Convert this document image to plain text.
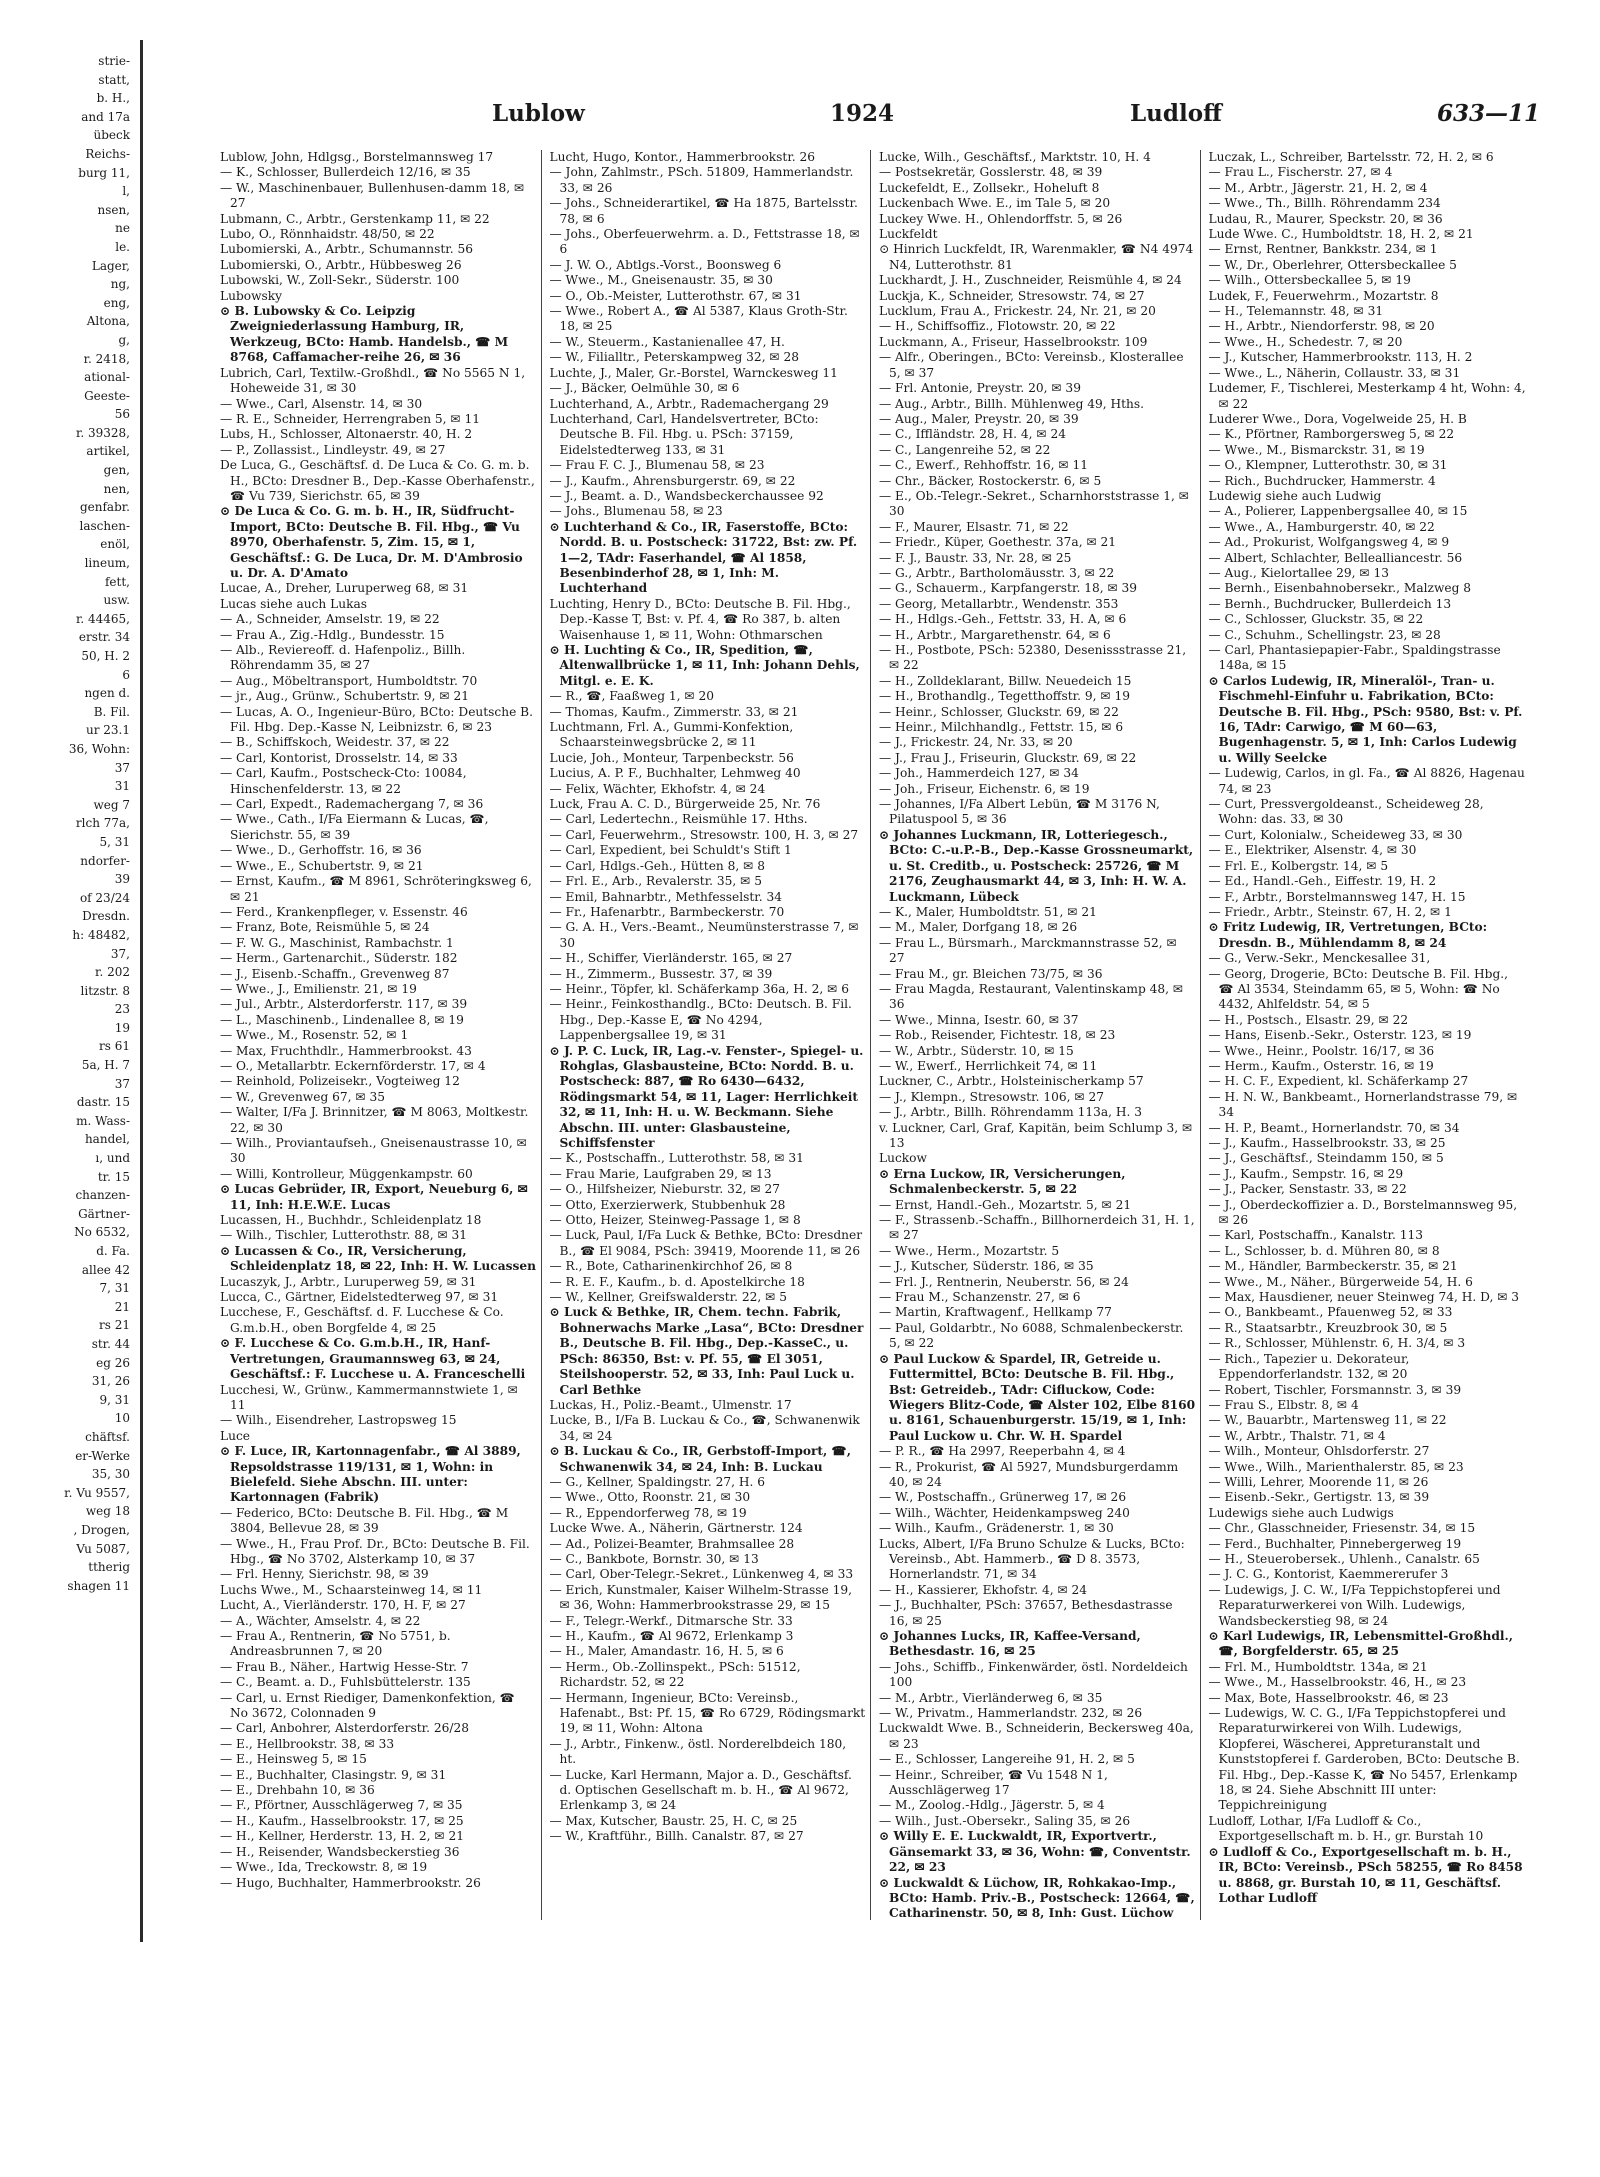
strie-
statt,
b. H.,
and 17a
übeck
Reichs-
burg 11,
l,
nsen,
ne
le.
Lager,
ng,
eng,
Altona,
g,
r. 2418,
ational-
Geeste-
56
r. 39328,
artikel,
gen,
nen,
genfabr.
laschen-
enöl,
lineum,
fett,
usw.
r. 44465,
erstr. 34
50, H. 2
6
ngen d.
B. Fil.
ur 23.1
36, Wohn:
37
31
weg 7
rlch 77a,
5, 31
ndorfer-
39
of 23/24
Dresdn.
h: 48482,
37,
r. 202
litzstr. 8
23
19
rs 61
5a, H. 7
37
dastr. 15
m. Wass-
handel,
ı, und
tr. 15
chanzen-
Gärtner-
No 6532,
d. Fa.
allee 42
7, 31
21
rs 21
str. 44
eg 26
31, 26
9, 31
10
chäftsf.
er-Werke
35, 30
r. Vu 9557,
weg 18
, Drogen,
Vu 5087,
ttherig
shagen 11
Lublow	1924	Ludloff	633—11

Lublow, John, Hdlgsg., Borstelmannsweg 17

— K., Schlosser, Bullerdeich 12/16, ✉ 35

— W., Maschinenbauer, Bullenhusen-damm 18, ✉ 27

Lubmann, C., Arbtr., Gerstenkamp 11, ✉ 22

Lubo, O., Rönnhaidstr. 48/50, ✉ 22

Lubomierski, A., Arbtr., Schumannstr. 56

Lubomierski, O., Arbtr., Hübbesweg 26

Lubowski, W., Zoll-Sekr., Süderstr. 100

Lubowsky

⊙ B. Lubowsky & Co. Leipzig Zweigniederlassung Hamburg, IR, Werkzeug, BCto: Hamb. Handelsb., ☎ M 8768, Caffamacher-reihe 26, ✉ 36

Lubrich, Carl, Textilw.-Großhdl., ☎ No 5565 N 1, Hoheweide 31, ✉ 30

— Wwe., Carl, Alsenstr. 14, ✉ 30

— R. E., Schneider, Herrengraben 5, ✉ 11

Lubs, H., Schlosser, Altonaerstr. 40, H. 2

— P., Zollassist., Lindleystr. 49, ✉ 27

De Luca, G., Geschäftsf. d. De Luca & Co. G. m. b. H., BCto: Dresdner B., Dep.-Kasse Oberhafenstr., ☎ Vu 739, Sierichstr. 65, ✉ 39

⊙ De Luca & Co. G. m. b. H., IR, Südfrucht-Import, BCto: Deutsche B. Fil. Hbg., ☎ Vu 8970, Oberhafenstr. 5, Zim. 15, ✉ 1, Geschäftsf.: G. De Luca, Dr. M. D'Ambrosio u. Dr. A. D'Amato

Lucae, A., Dreher, Luruperweg 68, ✉ 31

Lucas siehe auch Lukas

— A., Schneider, Amselstr. 19, ✉ 22

— Frau A., Zig.-Hdlg., Bundesstr. 15

— Alb., Reviereoff. d. Hafenpoliz., Billh. Röhrendamm 35, ✉ 27

— Aug., Möbeltransport, Humboldtstr. 70

— jr., Aug., Grünw., Schubertstr. 9, ✉ 21

— Lucas, A. O., Ingenieur-Büro, BCto: Deutsche B. Fil. Hbg. Dep.-Kasse N, Leibnizstr. 6, ✉ 23

— B., Schiffskoch, Weidestr. 37, ✉ 22

— Carl, Kontorist, Drosselstr. 14, ✉ 33

— Carl, Kaufm., Postscheck-Cto: 10084, Hinschenfelderstr. 13, ✉ 22

— Carl, Expedt., Rademachergang 7, ✉ 36

— Wwe., Cath., I/Fa Eiermann & Lucas, ☎, Sierichstr. 55, ✉ 39

— Wwe., D., Gerhoffstr. 16, ✉ 36

— Wwe., E., Schubertstr. 9, ✉ 21

— Ernst, Kaufm., ☎ M 8961, Schröteringksweg 6, ✉ 21

— Ferd., Krankenpfleger, v. Essenstr. 46

— Franz, Bote, Reismühle 5, ✉ 24

— F. W. G., Maschinist, Rambachstr. 1

— Herm., Gartenarchit., Süderstr. 182

— J., Eisenb.-Schaffn., Grevenweg 87

— Wwe., J., Emilienstr. 21, ✉ 19

— Jul., Arbtr., Alsterdorferstr. 117, ✉ 39

— L., Maschinenb., Lindenallee 8, ✉ 19

— Wwe., M., Rosenstr. 52, ✉ 1

— Max, Fruchthdlr., Hammerbrookst. 43

— O., Metallarbtr. Eckernförderstr. 17, ✉ 4

— Reinhold, Polizeisekr., Vogteiweg 12

— W., Grevenweg 67, ✉ 35

— Walter, I/Fa J. Brinnitzer, ☎ M 8063, Moltkestr. 22, ✉ 30

— Wilh., Proviantaufseh., Gneisenaustrasse 10, ✉ 30

— Willi, Kontrolleur, Müggenkampstr. 60

⊙ Lucas Gebrüder, IR, Export, Neueburg 6, ✉ 11, Inh: H.E.W.E. Lucas

Lucassen, H., Buchhdr., Schleidenplatz 18

— Wilh., Tischler, Lutterothstr. 88, ✉ 31

⊙ Lucassen & Co., IR, Versicherung, Schleidenplatz 18, ✉ 22, Inh: H. W. Lucassen

Lucaszyk, J., Arbtr., Luruperweg 59, ✉ 31

Lucca, C., Gärtner, Eidelstedterweg 97, ✉ 31

Lucchese, F., Geschäftsf. d. F. Lucchese & Co. G.m.b.H., oben Borgfelde 4, ✉ 25

⊙ F. Lucchese & Co. G.m.b.H., IR, Hanf-Vertretungen, Graumannsweg 63, ✉ 24, Geschäftsf.: F. Lucchese u. A. Franceschelli

Lucchesi, W., Grünw., Kammermannstwiete 1, ✉ 11

— Wilh., Eisendreher, Lastropsweg 15

Luce

⊙ F. Luce, IR, Kartonnagenfabr., ☎ Al 3889, Repsoldstrasse 119/131, ✉ 1, Wohn: in Bielefeld. Siehe Abschn. III. unter: Kartonnagen (Fabrik)

— Federico, BCto: Deutsche B. Fil. Hbg., ☎ M 3804, Bellevue 28, ✉ 39

— Wwe., H., Frau Prof. Dr., BCto: Deutsche B. Fil. Hbg., ☎ No 3702, Alsterkamp 10, ✉ 37

— Frl. Henny, Sierichstr. 98, ✉ 39

Luchs Wwe., M., Schaarsteinweg 14, ✉ 11

Lucht, A., Vierländerstr. 170, H. F, ✉ 27

— A., Wächter, Amselstr. 4, ✉ 22

— Frau A., Rentnerin, ☎ No 5751, b. Andreasbrunnen 7, ✉ 20

— Frau B., Näher., Hartwig Hesse-Str. 7

— C., Beamt. a. D., Fuhlsbüttelerstr. 135

— Carl, u. Ernst Riediger, Damenkonfektion, ☎ No 3672, Colonnaden 9

— Carl, Anbohrer, Alsterdorferstr. 26/28

— E., Hellbrookstr. 38, ✉ 33

— E., Heinsweg 5, ✉ 15

— E., Buchhalter, Clasingstr. 9, ✉ 31

— E., Drehbahn 10, ✉ 36

— F., Pförtner, Ausschlägerweg 7, ✉ 35

— H., Kaufm., Hasselbrookstr. 17, ✉ 25

— H., Kellner, Herderstr. 13, H. 2, ✉ 21

— H., Reisender, Wandsbeckerstieg 36

— Wwe., Ida, Treckowstr. 8, ✉ 19

— Hugo, Buchhalter, Hammerbrookstr. 26

Lucht, Hugo, Kontor., Hammerbrookstr. 26

— John, Zahlmstr., PSch. 51809, Hammerlandstr. 33, ✉ 26

— Johs., Schneiderartikel, ☎ Ha 1875, Bartelsstr. 78, ✉ 6

— Johs., Oberfeuerwehrm. a. D., Fettstrasse 18, ✉ 6

— J. W. O., Abtlgs.-Vorst., Boonsweg 6

— Wwe., M., Gneisenaustr. 35, ✉ 30

— O., Ob.-Meister, Lutterothstr. 67, ✉ 31

— Wwe., Robert A., ☎ Al 5387, Klaus Groth-Str. 18, ✉ 25

— W., Steuerm., Kastanienallee 47, H.

— W., Filialltr., Peterskampweg 32, ✉ 28

Luchte, J., Maler, Gr.-Borstel, Warnckesweg 11

— J., Bäcker, Oelmühle 30, ✉ 6

Luchterhand, A., Arbtr., Rademachergang 29

Luchterhand, Carl, Handelsvertreter, BCto: Deutsche B. Fil. Hbg. u. PSch: 37159, Eidelstedterweg 133, ✉ 31

— Frau F. C. J., Blumenau 58, ✉ 23

— J., Kaufm., Ahrensburgerstr. 69, ✉ 22

— J., Beamt. a. D., Wandsbeckerchaussee 92

— Johs., Blumenau 58, ✉ 23

⊙ Luchterhand & Co., IR, Faserstoffe, BCto: Nordd. B. u. Postscheck: 31722, Bst: zw. Pf. 1—2, TAdr: Faserhandel, ☎ Al 1858, Besenbinderhof 28, ✉ 1, Inh: M. Luchterhand

Luchting, Henry D., BCto: Deutsche B. Fil. Hbg., Dep.-Kasse T, Bst: v. Pf. 4, ☎ Ro 387, b. alten Waisenhause 1, ✉ 11, Wohn: Othmarschen

⊙ H. Luchting & Co., IR, Spedition, ☎, Altenwallbrücke 1, ✉ 11, Inh: Johann Dehls, Mitgl. e. E. K.

— R., ☎, Faaßweg 1, ✉ 20

— Thomas, Kaufm., Zimmerstr. 33, ✉ 21

Luchtmann, Frl. A., Gummi-Konfektion, Schaarsteinwegsbrücke 2, ✉ 11

Lucie, Joh., Monteur, Tarpenbeckstr. 56

Lucius, A. P. F., Buchhalter, Lehmweg 40

— Felix, Wächter, Ekhofstr. 4, ✉ 24

Luck, Frau A. C. D., Bürgerweide 25, Nr. 76

— Carl, Ledertechn., Reismühle 17. Hths.

— Carl, Feuerwehrm., Stresowstr. 100, H. 3, ✉ 27

— Carl, Expedient, bei Schuldt's Stift 1

— Carl, Hdlgs.-Geh., Hütten 8, ✉ 8

— Frl. E., Arb., Revalerstr. 35, ✉ 5

— Emil, Bahnarbtr., Methfesselstr. 34

— Fr., Hafenarbtr., Barmbeckerstr. 70

— G. A. H., Vers.-Beamt., Neumünsterstrasse 7, ✉ 30

— H., Schiffer, Vierländerstr. 165, ✉ 27

— H., Zimmerm., Bussestr. 37, ✉ 39

— Heinr., Töpfer, kl. Schäferkamp 36a, H. 2, ✉ 6

— Heinr., Feinkosthandlg., BCto: Deutsch. B. Fil. Hbg., Dep.-Kasse E, ☎ No 4294, Lappenbergsallee 19, ✉ 31

⊙ J. P. C. Luck, IR, Lag.-v. Fenster-, Spiegel- u. Rohglas, Glasbausteine, BCto: Nordd. B. u. Postscheck: 887, ☎ Ro 6430—6432, Rödingsmarkt 54, ✉ 11, Lager: Herrlichkeit 32, ✉ 11, Inh: H. u. W. Beckmann. Siehe Abschn. III. unter: Glasbausteine, Schiffsfenster

— K., Postschaffn., Lutterothstr. 58, ✉ 31

— Frau Marie, Laufgraben 29, ✉ 13

— O., Hilfsheizer, Nieburstr. 32, ✉ 27

— Otto, Exerzierwerk, Stubbenhuk 28

— Otto, Heizer, Steinweg-Passage 1, ✉ 8

— Luck, Paul, I/Fa Luck & Bethke, BCto: Dresdner B., ☎ El 9084, PSch: 39419, Moorende 11, ✉ 26

— R., Bote, Catharinenkirchhof 26, ✉ 8

— R. E. F., Kaufm., b. d. Apostelkirche 18

— W., Kellner, Greifswalderstr. 22, ✉ 5

⊙ Luck & Bethke, IR, Chem. techn. Fabrik, Bohnerwachs Marke „Lasa“, BCto: Dresdner B., Deutsche B. Fil. Hbg., Dep.-KasseC., u. PSch: 86350, Bst: v. Pf. 55, ☎ El 3051, Steilshooperstr. 52, ✉ 33, Inh: Paul Luck u. Carl Bethke

Luckas, H., Poliz.-Beamt., Ulmenstr. 17

Lucke, B., I/Fa B. Luckau & Co., ☎, Schwanenwik 34, ✉ 24

⊙ B. Luckau & Co., IR, Gerbstoff-Import, ☎, Schwanenwik 34, ✉ 24, Inh: B. Luckau

— G., Kellner, Spaldingstr. 27, H. 6

— Wwe., Otto, Roonstr. 21, ✉ 30

— R., Eppendorferweg 78, ✉ 19

Lucke Wwe. A., Näherin, Gärtnerstr. 124

— Ad., Polizei-Beamter, Brahmsallee 28

— C., Bankbote, Bornstr. 30, ✉ 13

— Carl, Ober-Telegr.-Sekret., Lünkenweg 4, ✉ 33

— Erich, Kunstmaler, Kaiser Wilhelm-Strasse 19, ✉ 36, Wohn: Hammerbrookstrasse 29, ✉ 15

— F., Telegr.-Werkf., Ditmarsche Str. 33

— H., Kaufm., ☎ Al 9672, Erlenkamp 3

— H., Maler, Amandastr. 16, H. 5, ✉ 6

— Herm., Ob.-Zollinspekt., PSch: 51512, Richardstr. 52, ✉ 22

— Hermann, Ingenieur, BCto: Vereinsb., Hafenabt., Bst: Pf. 15, ☎ Ro 6729, Rödingsmarkt 19, ✉ 11, Wohn: Altona

— J., Arbtr., Finkenw., östl. Norderelbdeich 180, ht.

— Lucke, Karl Hermann, Major a. D., Geschäftsf. d. Optischen Gesellschaft m. b. H., ☎ Al 9672, Erlenkamp 3, ✉ 24

— Max, Kutscher, Baustr. 25, H. C, ✉ 25

— W., Kraftführ., Billh. Canalstr. 87, ✉ 27

Lucke, Wilh., Geschäftsf., Marktstr. 10, H. 4

— Postsekretär, Gosslerstr. 48, ✉ 39

Luckefeldt, E., Zollsekr., Hoheluft 8

Luckenbach Wwe. E., im Tale 5, ✉ 20

Luckey Wwe. H., Ohlendorffstr. 5, ✉ 26

Luckfeldt

⊙ Hinrich Luckfeldt, IR, Warenmakler, ☎ N4 4974 N4, Lutterothstr. 81

Luckhardt, J. H., Zuschneider, Reismühle 4, ✉ 24

Luckja, K., Schneider, Stresowstr. 74, ✉ 27

Lucklum, Frau A., Frickestr. 24, Nr. 21, ✉ 20

— H., Schiffsoffiz., Flotowstr. 20, ✉ 22

Luckmann, A., Friseur, Hasselbrookstr. 109

— Alfr., Oberingen., BCto: Vereinsb., Klosterallee 5, ✉ 37

— Frl. Antonie, Preystr. 20, ✉ 39

— Aug., Arbtr., Billh. Mühlenweg 49, Hths.

— Aug., Maler, Preystr. 20, ✉ 39

— C., Iffländstr. 28, H. 4, ✉ 24

— C., Langenreihe 52, ✉ 22

— C., Ewerf., Rehhoffstr. 16, ✉ 11

— Chr., Bäcker, Rostockerstr. 6, ✉ 5

— E., Ob.-Telegr.-Sekret., Scharnhorststrasse 1, ✉ 30

— F., Maurer, Elsastr. 71, ✉ 22

— Friedr., Küper, Goethestr. 37a, ✉ 21

— F. J., Baustr. 33, Nr. 28, ✉ 25

— G., Arbtr., Bartholomäusstr. 3, ✉ 22

— G., Schauerm., Karpfangerstr. 18, ✉ 39

— Georg, Metallarbtr., Wendenstr. 353

— H., Hdlgs.-Geh., Fettstr. 33, H. A, ✉ 6

— H., Arbtr., Margarethenstr. 64, ✉ 6

— H., Postbote, PSch: 52380, Desenissstrasse 21, ✉ 22

— H., Zolldeklarant, Billw. Neuedeich 15

— H., Brothandlg., Tegetthoffstr. 9, ✉ 19

— Heinr., Schlosser, Gluckstr. 69, ✉ 22

— Heinr., Milchhandlg., Fettstr. 15, ✉ 6

— J., Frickestr. 24, Nr. 33, ✉ 20

— J., Frau J., Friseurin, Gluckstr. 69, ✉ 22

— Joh., Hammerdeich 127, ✉ 34

— Joh., Friseur, Eichenstr. 6, ✉ 19

— Johannes, I/Fa Albert Lebün, ☎ M 3176 N, Pilatuspool 5, ✉ 36

⊙ Johannes Luckmann, IR, Lotteriegesch., BCto: C.-u.P.-B., Dep.-Kasse Grossneumarkt, u. St. Creditb., u. Postscheck: 25726, ☎ M 2176, Zeughausmarkt 44, ✉ 3, Inh: H. W. A. Luckmann, Lübeck

— K., Maler, Humboldtstr. 51, ✉ 21

— M., Maler, Dorfgang 18, ✉ 26

— Frau L., Bürsmarh., Marckmannstrasse 52, ✉ 27

— Frau M., gr. Bleichen 73/75, ✉ 36

— Frau Magda, Restaurant, Valentinskamp 48, ✉ 36

— Wwe., Minna, Isestr. 60, ✉ 37

— Rob., Reisender, Fichtestr. 18, ✉ 23

— W., Arbtr., Süderstr. 10, ✉ 15

— W., Ewerf., Herrlichkeit 74, ✉ 11

Luckner, C., Arbtr., Holsteinischerkamp 57

— J., Klempn., Stresowstr. 106, ✉ 27

— J., Arbtr., Billh. Röhrendamm 113a, H. 3

v. Luckner, Carl, Graf, Kapitän, beim Schlump 3, ✉ 13

Luckow

⊙ Erna Luckow, IR, Versicherungen, Schmalenbeckerstr. 5, ✉ 22

— Ernst, Handl.-Geh., Mozartstr. 5, ✉ 21

— F., Strassenb.-Schaffn., Billhornerdeich 31, H. 1, ✉ 27

— Wwe., Herm., Mozartstr. 5

— J., Kutscher, Süderstr. 186, ✉ 35

— Frl. J., Rentnerin, Neuberstr. 56, ✉ 24

— Frau M., Schanzenstr. 27, ✉ 6

— Martin, Kraftwagenf., Hellkamp 77

— Paul, Goldarbtr., No 6088, Schmalenbeckerstr. 5, ✉ 22

⊙ Paul Luckow & Spardel, IR, Getreide u. Futtermittel, BCto: Deutsche B. Fil. Hbg., Bst: Getreideb., TAdr: Cifluckow, Code: Wiegers Blitz-Code, ☎ Alster 102, Elbe 8160 u. 8161, Schauenburgerstr. 15/19, ✉ 1, Inh: Paul Luckow u. Chr. W. H. Spardel

— P. R., ☎ Ha 2997, Reeperbahn 4, ✉ 4

— R., Prokurist, ☎ Al 5927, Mundsburgerdamm 40, ✉ 24

— W., Postschaffn., Grünerweg 17, ✉ 26

— Wilh., Wächter, Heidenkampsweg 240

— Wilh., Kaufm., Grädenerstr. 1, ✉ 30

Lucks, Albert, I/Fa Bruno Schulze & Lucks, BCto: Vereinsb., Abt. Hammerb., ☎ D 8. 3573, Hornerlandstr. 71, ✉ 34

— H., Kassierer, Ekhofstr. 4, ✉ 24

— J., Buchhalter, PSch: 37657, Bethesdastrasse 16, ✉ 25

⊙ Johannes Lucks, IR, Kaffee-Versand, Bethesdastr. 16, ✉ 25

— Johs., Schiffb., Finkenwärder, östl. Nordeldeich 100

— M., Arbtr., Vierländerweg 6, ✉ 35

— W., Privatm., Hammerlandstr. 232, ✉ 26

Luckwaldt Wwe. B., Schneiderin, Beckersweg 40a, ✉ 23

— E., Schlosser, Langereihe 91, H. 2, ✉ 5

— Heinr., Schreiber, ☎ Vu 1548 N 1, Ausschlägerweg 17

— M., Zoolog.-Hdlg., Jägerstr. 5, ✉ 4

— Wilh., Just.-Obersekr., Saling 35, ✉ 26

⊙ Willy E. E. Luckwaldt, IR, Exportvertr., Gänsemarkt 33, ✉ 36, Wohn: ☎, Conventstr. 22, ✉ 23

⊙ Luckwaldt & Lüchow, IR, Rohkakao-Imp., BCto: Hamb. Priv.-B., Postscheck: 12664, ☎, Catharinenstr. 50, ✉ 8, Inh: Gust. Lüchow

Luczak, L., Schreiber, Bartelsstr. 72, H. 2, ✉ 6

— Frau L., Fischerstr. 27, ✉ 4

— M., Arbtr., Jägerstr. 21, H. 2, ✉ 4

— Wwe., Th., Billh. Röhrendamm 234

Ludau, R., Maurer, Speckstr. 20, ✉ 36

Lude Wwe. C., Humboldtstr. 18, H. 2, ✉ 21

— Ernst, Rentner, Bankkstr. 234, ✉ 1

— W., Dr., Oberlehrer, Ottersbeckallee 5

— Wilh., Ottersbeckallee 5, ✉ 19

Ludek, F., Feuerwehrm., Mozartstr. 8

— H., Telemannstr. 48, ✉ 31

— H., Arbtr., Niendorferstr. 98, ✉ 20

— Wwe., H., Schedestr. 7, ✉ 20

— J., Kutscher, Hammerbrookstr. 113, H. 2

— Wwe., L., Näherin, Collaustr. 33, ✉ 31

Ludemer, F., Tischlerei, Mesterkamp 4 ht, Wohn: 4, ✉ 22

Luderer Wwe., Dora, Vogelweide 25, H. B

— K., Pförtner, Ramborgersweg 5, ✉ 22

— Wwe., M., Bismarckstr. 31, ✉ 19

— O., Klempner, Lutterothstr. 30, ✉ 31

— Rich., Buchdrucker, Hammerstr. 4

Ludewig siehe auch Ludwig

— A., Polierer, Lappenbergsallee 40, ✉ 15

— Wwe., A., Hamburgerstr. 40, ✉ 22

— Ad., Prokurist, Wolfgangsweg 4, ✉ 9

— Albert, Schlachter, Bellealliancestr. 56

— Aug., Kielortallee 29, ✉ 13

— Bernh., Eisenbahnobersekr., Malzweg 8

— Bernh., Buchdrucker, Bullerdeich 13

— C., Schlosser, Gluckstr. 35, ✉ 22

— C., Schuhm., Schellingstr. 23, ✉ 28

— Carl, Phantasiepapier-Fabr., Spaldingstrasse 148a, ✉ 15

⊙ Carlos Ludewig, IR, Mineralöl-, Tran- u. Fischmehl-Einfuhr u. Fabrikation, BCto: Deutsche B. Fil. Hbg., PSch: 9580, Bst: v. Pf. 16, TAdr: Carwigo, ☎ M 60—63, Bugenhagenstr. 5, ✉ 1, Inh: Carlos Ludewig u. Willy Seelcke

— Ludewig, Carlos, in gl. Fa., ☎ Al 8826, Hagenau 74, ✉ 23

— Curt, Pressvergoldeanst., Scheideweg 28, Wohn: das. 33, ✉ 30

— Curt, Kolonialw., Scheideweg 33, ✉ 30

— E., Elektriker, Alsenstr. 4, ✉ 30

— Frl. E., Kolbergstr. 14, ✉ 5

— Ed., Handl.-Geh., Eiffestr. 19, H. 2

— F., Arbtr., Borstelmannsweg 147, H. 15

— Friedr., Arbtr., Steinstr. 67, H. 2, ✉ 1

⊙ Fritz Ludewig, IR, Vertretungen, BCto: Dresdn. B., Mühlendamm 8, ✉ 24

— G., Verw.-Sekr., Menckesallee 31,

— Georg, Drogerie, BCto: Deutsche B. Fil. Hbg., ☎ Al 3534, Steindamm 65, ✉ 5, Wohn: ☎ No 4432, Ahlfeldstr. 54, ✉ 5

— H., Postsch., Elsastr. 29, ✉ 22

— Hans, Eisenb.-Sekr., Osterstr. 123, ✉ 19

— Wwe., Heinr., Poolstr. 16/17, ✉ 36

— Herm., Kaufm., Osterstr. 16, ✉ 19

— H. C. F., Expedient, kl. Schäferkamp 27

— H. N. W., Bankbeamt., Hornerlandstrasse 79, ✉ 34

— H. P., Beamt., Hornerlandstr. 70, ✉ 34

— J., Kaufm., Hasselbrookstr. 33, ✉ 25

— J., Geschäftsf., Steindamm 150, ✉ 5

— J., Kaufm., Sempstr. 16, ✉ 29

— J., Packer, Senstastr. 33, ✉ 22

— J., Oberdeckoffizier a. D., Borstelmannsweg 95, ✉ 26

— Karl, Postschaffn., Kanalstr. 113

— L., Schlosser, b. d. Mühren 80, ✉ 8

— M., Händler, Barmbeckerstr. 35, ✉ 21

— Wwe., M., Näher., Bürgerweide 54, H. 6

— Max, Hausdiener, neuer Steinweg 74, H. D, ✉ 3

— O., Bankbeamt., Pfauenweg 52, ✉ 33

— R., Staatsarbtr., Kreuzbrook 30, ✉ 5

— R., Schlosser, Mühlenstr. 6, H. 3/4, ✉ 3

— Rich., Tapezier u. Dekorateur, Eppendorferlandstr. 132, ✉ 20

— Robert, Tischler, Forsmannstr. 3, ✉ 39

— Frau S., Elbstr. 8, ✉ 4

— W., Bauarbtr., Martensweg 11, ✉ 22

— W., Arbtr., Thalstr. 71, ✉ 4

— Wilh., Monteur, Ohlsdorferstr. 27

— Wwe., Wilh., Marienthalerstr. 85, ✉ 23

— Willi, Lehrer, Moorende 11, ✉ 26

— Eisenb.-Sekr., Gertigstr. 13, ✉ 39

Ludewigs siehe auch Ludwigs

— Chr., Glasschneider, Friesenstr. 34, ✉ 15

— Ferd., Buchhalter, Pinnebergerweg 19

— H., Steuerobersek., Uhlenh., Canalstr. 65

— J. C. G., Kontorist, Kaemmererufer 3

— Ludewigs, J. C. W., I/Fa Teppichstopferei und Reparaturwerkerei von Wilh. Ludewigs, Wandsbeckerstieg 98, ✉ 24

⊙ Karl Ludewigs, IR, Lebensmittel-Großhdl., ☎, Borgfelderstr. 65, ✉ 25

— Frl. M., Humboldtstr. 134a, ✉ 21

— Wwe., M., Hasselbrookstr. 46, H., ✉ 23

— Max, Bote, Hasselbrookstr. 46, ✉ 23

— Ludewigs, W. C. G., I/Fa Teppichstopferei und Reparaturwirkerei von Wilh. Ludewigs, Klopferei, Wäscherei, Appreturanstalt und Kunststopferei f. Garderoben, BCto: Deutsche B. Fil. Hbg., Dep.-Kasse K, ☎ No 5457, Erlenkamp 18, ✉ 24. Siehe Abschnitt III unter: Teppichreinigung

Ludloff, Lothar, I/Fa Ludloff & Co., Exportgesellschaft m. b. H., gr. Burstah 10

⊙ Ludloff & Co., Exportgesellschaft m. b. H., IR, BCto: Vereinsb., PSch 58255, ☎ Ro 8458 u. 8868, gr. Burstah 10, ✉ 11, Geschäftsf. Lothar Ludloff
